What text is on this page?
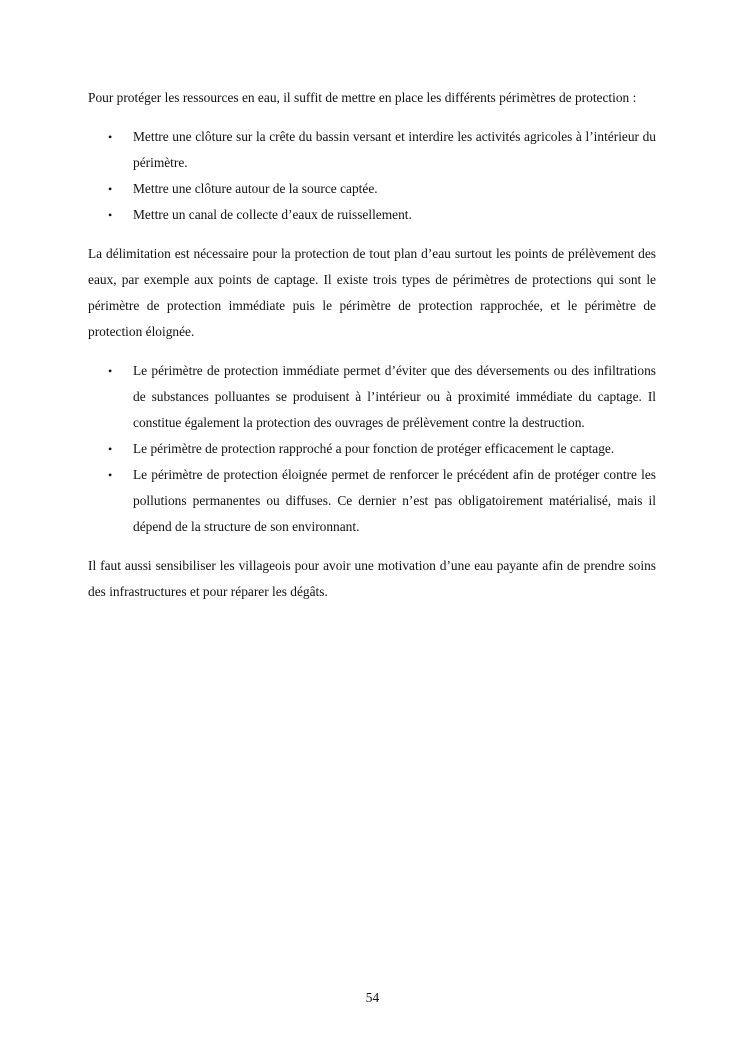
Pour protéger les ressources en eau, il suffit de mettre en place les différents périmètres de protection :

•	Mettre une clôture sur la crête du bassin versant et interdire les activités agricoles à l’intérieur du périmètre.
•	Mettre une clôture autour de la source captée.
•	Mettre un canal de collecte d’eaux de ruissellement.

La délimitation est nécessaire pour la protection de tout plan d’eau surtout les points de prélèvement des eaux, par exemple aux points de captage. Il existe trois types de périmètres de protections qui sont le périmètre de protection immédiate puis le périmètre de protection rapprochée, et le périmètre de protection éloignée.

•	Le périmètre de protection immédiate permet d’éviter que des déversements ou des infiltrations de substances polluantes se produisent à l’intérieur ou à proximité immédiate du captage. Il constitue également la protection des ouvrages de prélèvement contre la destruction.
•	Le périmètre de protection rapproché a pour fonction de protéger efficacement le captage.
•	Le périmètre de protection éloignée permet de renforcer le précédent afin de protéger contre les pollutions permanentes ou diffuses. Ce dernier n’est pas obligatoirement matérialisé, mais il dépend de la structure de son environnant.

Il faut aussi sensibiliser les villageois pour avoir une motivation d’une eau payante afin de prendre soins des infrastructures et pour réparer les dégâts.

54
